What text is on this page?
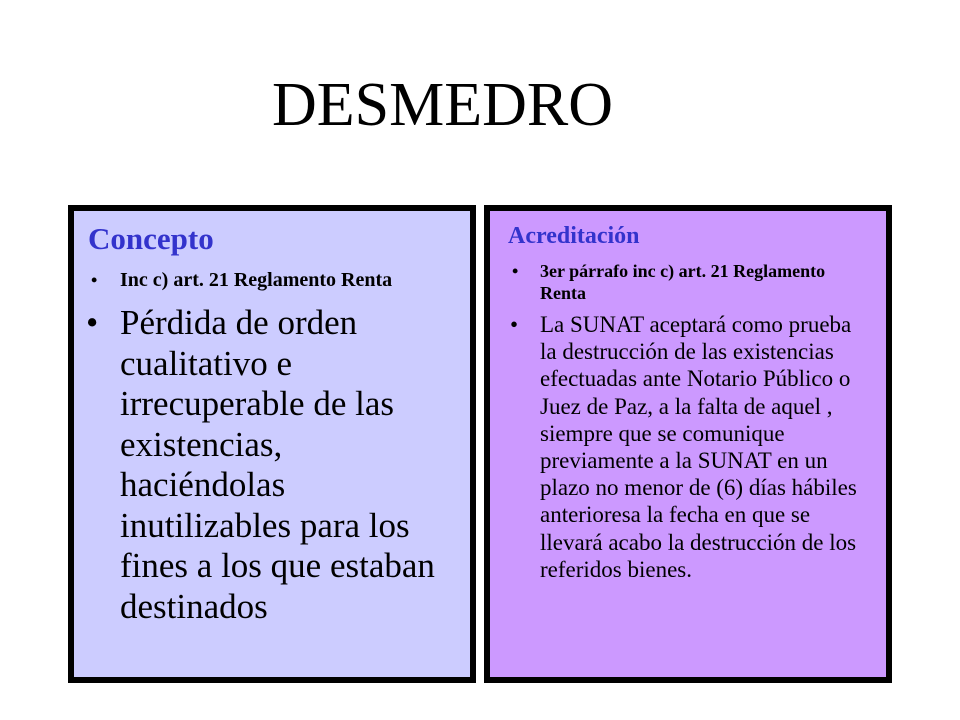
DESMEDRO
Concepto
• Inc c) art. 21 Reglamento Renta
• Pérdida de orden cualitativo e irrecuperable de las existencias, haciéndolas inutilizables para los fines a los que estaban destinados
Acreditación
• 3er párrafo inc c) art. 21 Reglamento Renta
• La SUNAT aceptará como prueba la destrucción de las existencias efectuadas ante Notario Público o Juez de Paz, a la falta de aquel , siempre que se comunique previamente a la SUNAT en un plazo no menor de (6) días hábiles anterioresa la fecha en que se llevará acabo la destrucción de los referidos bienes.
